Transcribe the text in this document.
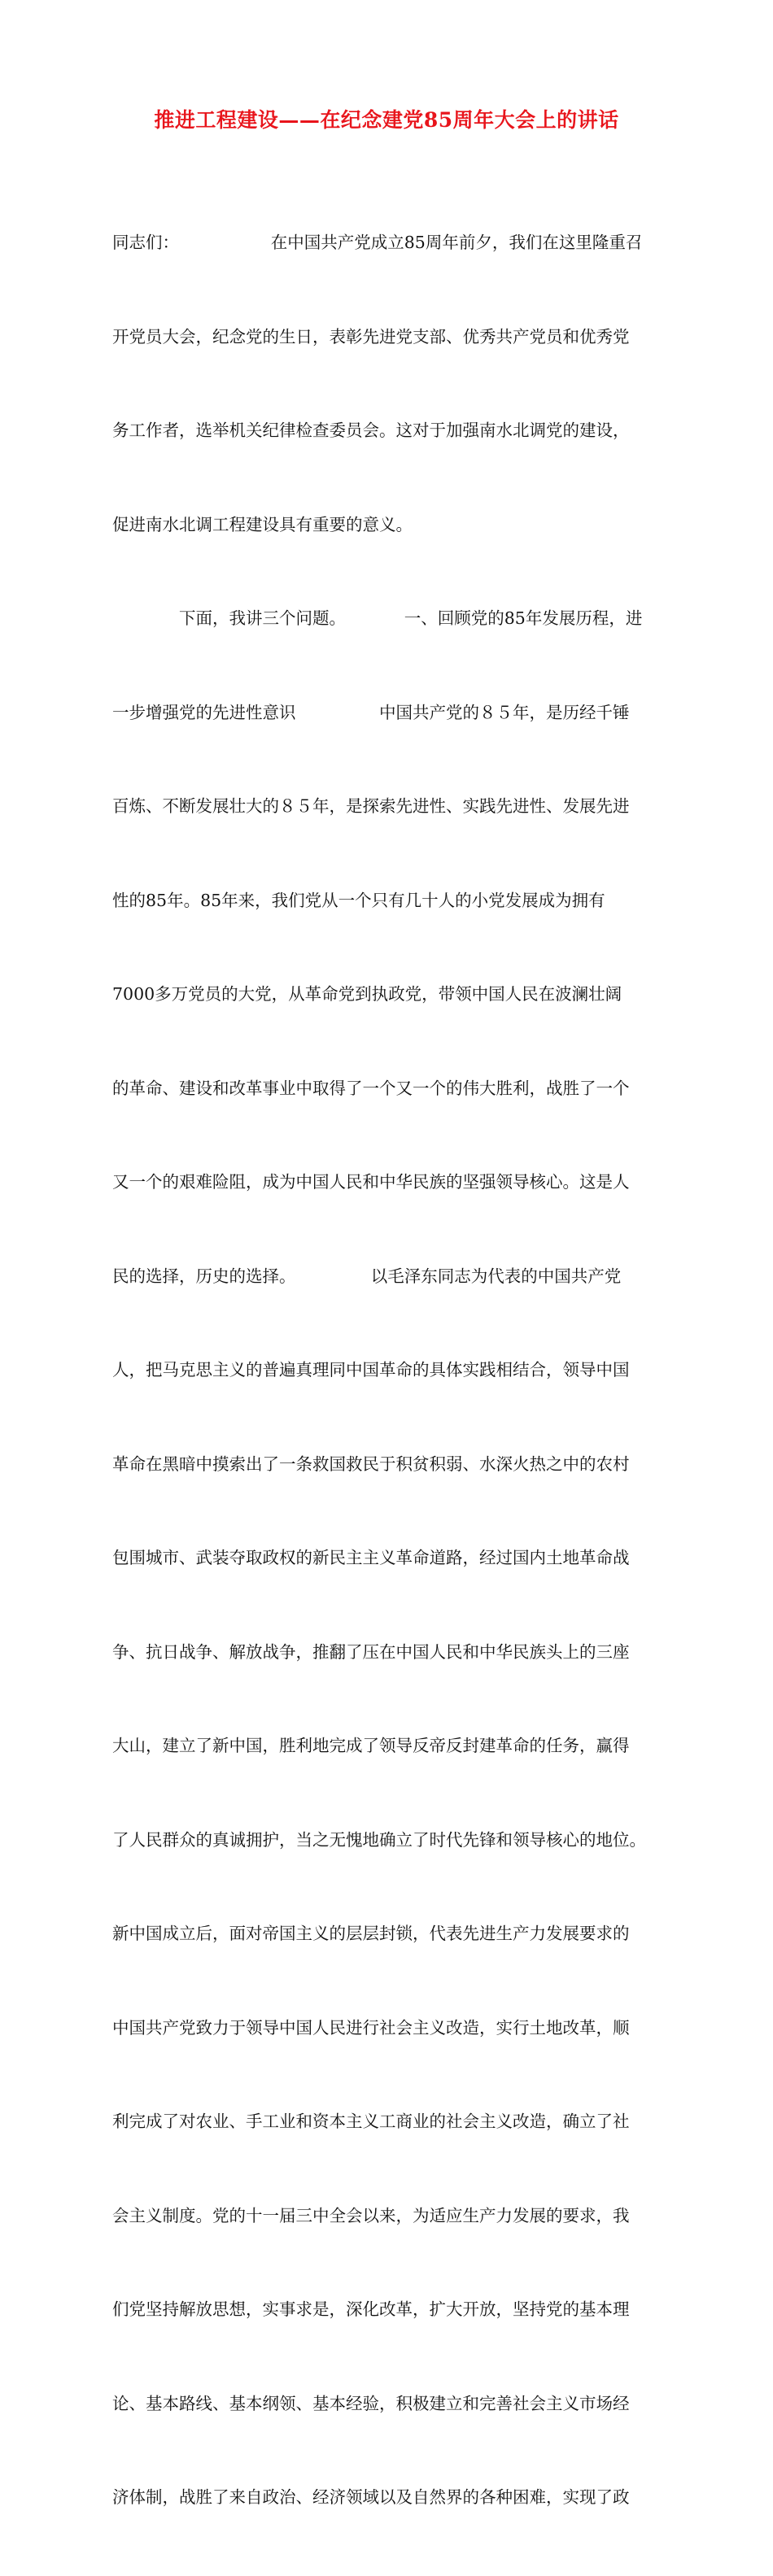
推进工程建设——在纪念建党85周年大会上的讲话

同志们：　　　　　　在中国共产党成立85周年前夕，我们在这里隆重召

开党员大会，纪念党的生日，表彰先进党支部、优秀共产党员和优秀党

务工作者，选举机关纪律检查委员会。这对于加强南水北调党的建设，

促进南水北调工程建设具有重要的意义。

　　　　下面，我讲三个问题。　　　　一、回顾党的85年发展历程，进

一步增强党的先进性意识　　　　　中国共产党的８５年，是历经千锤

百炼、不断发展壮大的８５年，是探索先进性、实践先进性、发展先进

性的85年。85年来，我们党从一个只有几十人的小党发展成为拥有

7000多万党员的大党，从革命党到执政党，带领中国人民在波澜壮阔

的革命、建设和改革事业中取得了一个又一个的伟大胜利，战胜了一个

又一个的艰难险阻，成为中国人民和中华民族的坚强领导核心。这是人

民的选择，历史的选择。　　　　　以毛泽东同志为代表的中国共产党

人，把马克思主义的普遍真理同中国革命的具体实践相结合，领导中国

革命在黑暗中摸索出了一条救国救民于积贫积弱、水深火热之中的农村

包围城市、武装夺取政权的新民主主义革命道路，经过国内土地革命战

争、抗日战争、解放战争，推翻了压在中国人民和中华民族头上的三座

大山，建立了新中国，胜利地完成了领导反帝反封建革命的任务，赢得

了人民群众的真诚拥护，当之无愧地确立了时代先锋和领导核心的地位。

新中国成立后，面对帝国主义的层层封锁，代表先进生产力发展要求的

中国共产党致力于领导中国人民进行社会主义改造，实行土地改革，顺

利完成了对农业、手工业和资本主义工商业的社会主义改造，确立了社

会主义制度。党的十一届三中全会以来，为适应生产力发展的要求，我

们党坚持解放思想，实事求是，深化改革，扩大开放，坚持党的基本理

论、基本路线、基本纲领、基本经验，积极建立和完善社会主义市场经

济体制，战胜了来自政治、经济领域以及自然界的各种困难，实现了政
